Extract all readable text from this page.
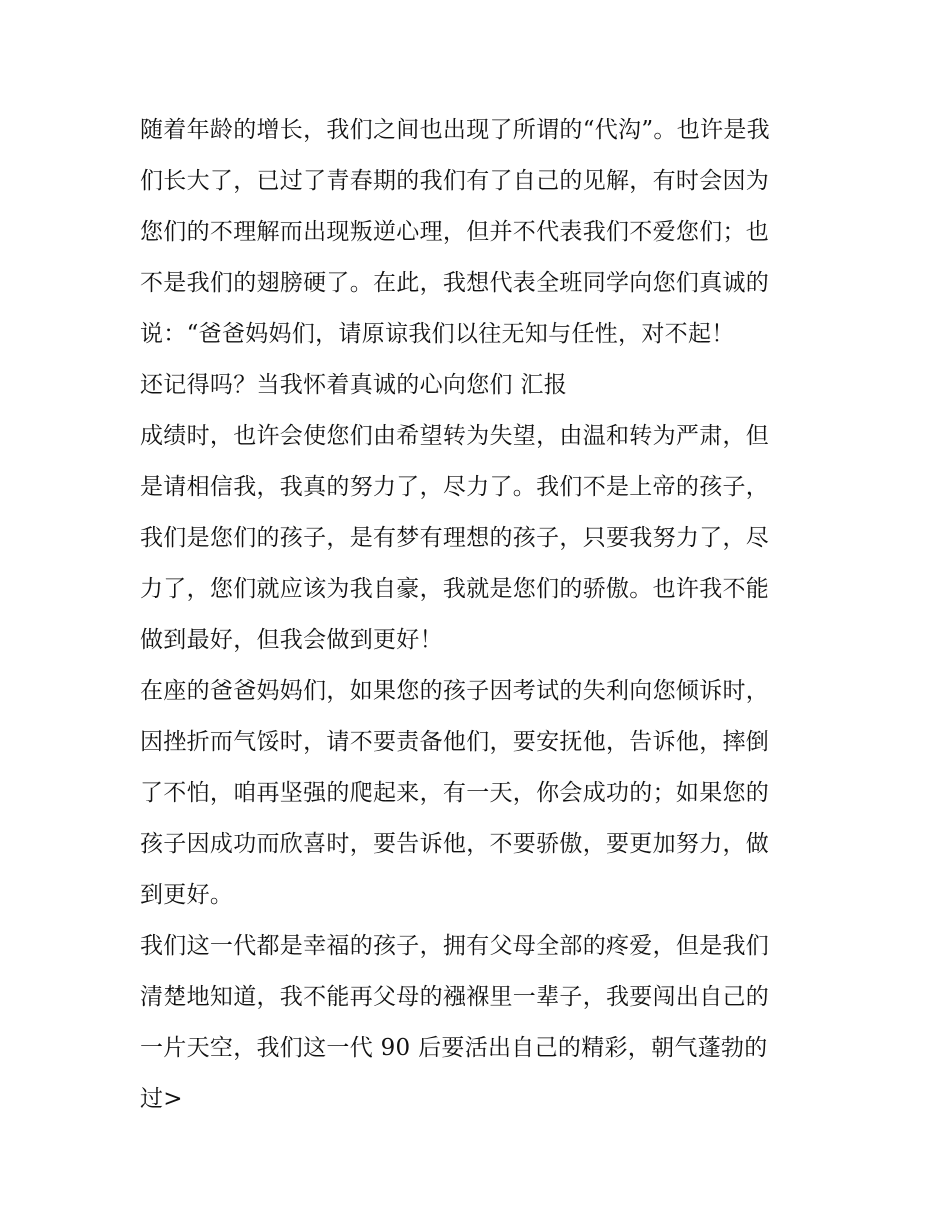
随着年龄的增长，我们之间也出现了所谓的“代沟”。也许是我
们长大了，已过了青春期的我们有了自己的见解，有时会因为
您们的不理解而出现叛逆心理，但并不代表我们不爱您们；也
不是我们的翅膀硬了。在此，我想代表全班同学向您们真诚的
说：“爸爸妈妈们，请原谅我们以往无知与任性，对不起！
还记得吗？当我怀着真诚的心向您们 汇报
成绩时，也许会使您们由希望转为失望，由温和转为严肃，但
是请相信我，我真的努力了，尽力了。我们不是上帝的孩子，
我们是您们的孩子，是有梦有理想的孩子，只要我努力了，尽
力了，您们就应该为我自豪，我就是您们的骄傲。也许我不能
做到最好，但我会做到更好！
在座的爸爸妈妈们，如果您的孩子因考试的失利向您倾诉时，
因挫折而气馁时，请不要责备他们，要安抚他，告诉他，摔倒
了不怕，咱再坚强的爬起来，有一天，你会成功的；如果您的
孩子因成功而欣喜时，要告诉他，不要骄傲，要更加努力，做
到更好。
我们这一代都是幸福的孩子，拥有父母全部的疼爱，但是我们
清楚地知道，我不能再父母的襁褓里一辈子，我要闯出自己的
一片天空，我们这一代 90 后要活出自己的精彩，朝气蓬勃的
过>
